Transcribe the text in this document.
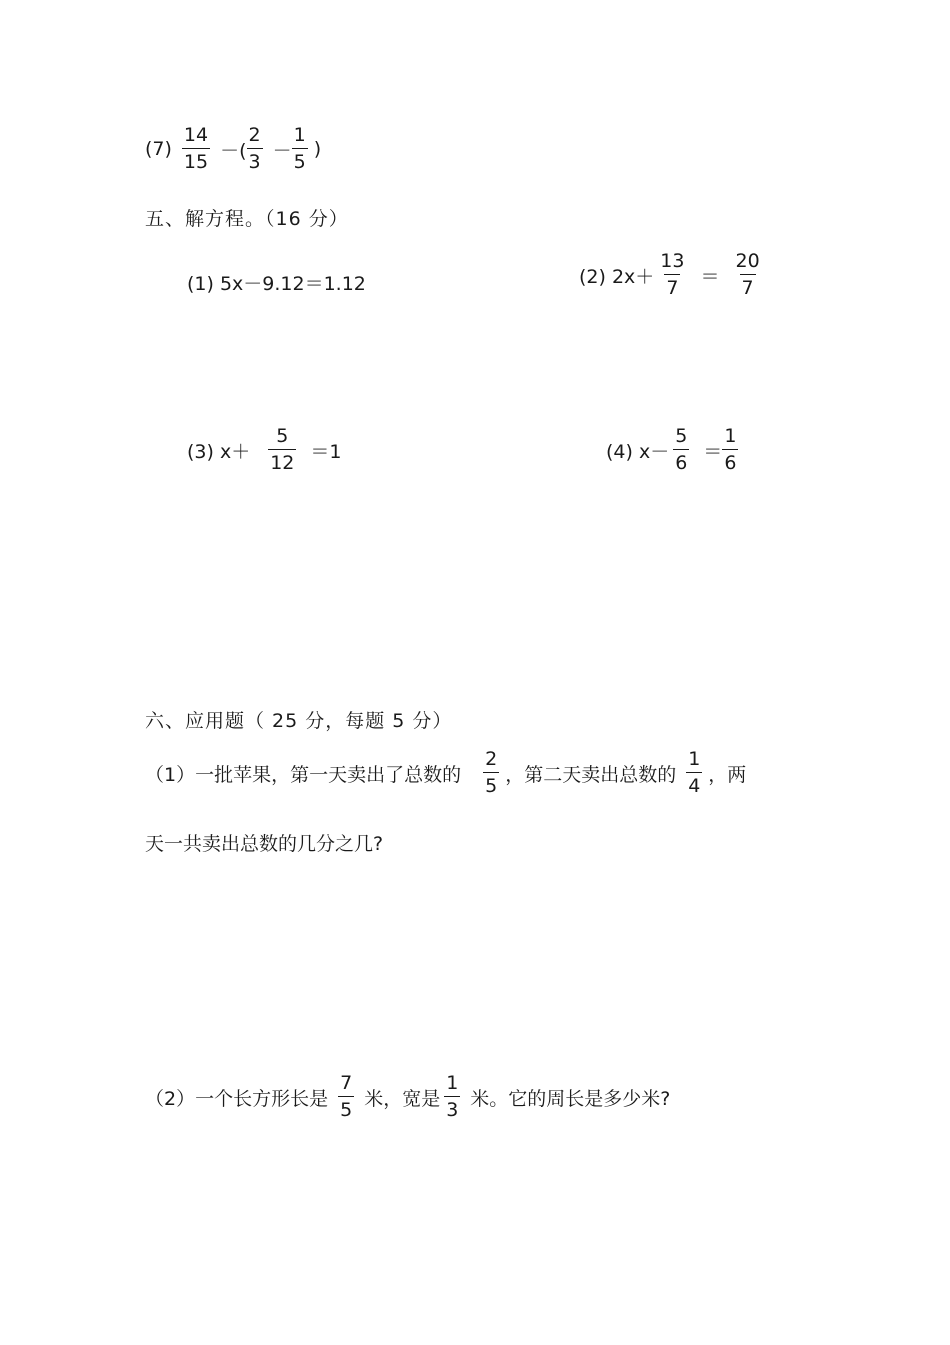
$(7) \frac{14}{15}$ －( $\frac{2}{3} - \frac{1}{5}$ )
五、解方程。（16 分）
(1) 5x－9.12＝1.12	(2) $2x+ \frac{13}{7} = \frac{20}{7}$
(3) $x+ \frac{5}{12} =1$	(4) $x- \frac{5}{6} = \frac{1}{6}$
六、应用题（ 25 分，每题 5 分）
（1）一批苹果，第一天卖出了总数的 $\frac{2}{5}$ ，第二天卖出总数的 $\frac{1}{4}$ ，两
天一共卖出总数的几分之几?
（2）一个长方形长是 $\frac{7}{5}$ 米，宽是 $\frac{1}{3}$ 米。它的周长是多少米?
